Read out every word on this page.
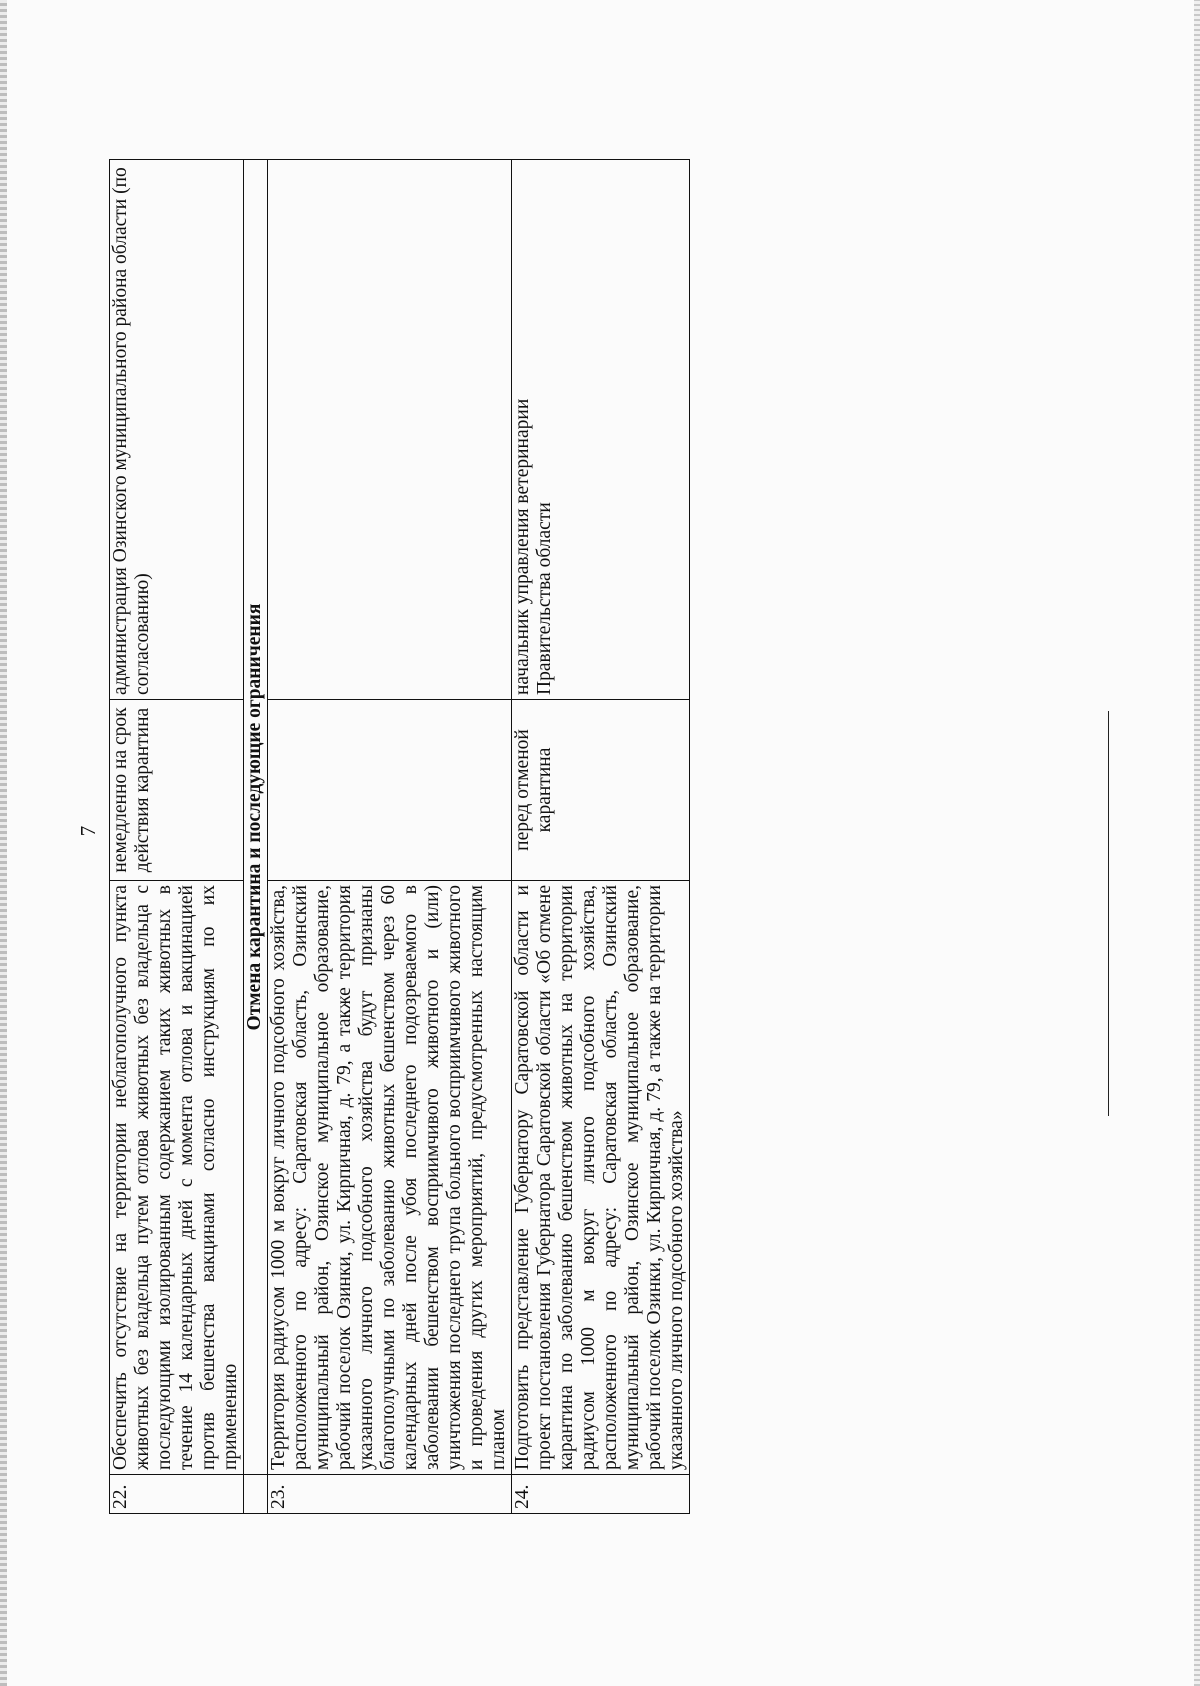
7
22.	Обеспечить отсутствие на территории неблагополучного пункта животных без владельца путем отлова животных без владельца с последующими изолированным содержанием таких животных в течение 14 календарных дней с момента отлова и вакцинацией против бешенства вакцинами согласно инструкциям по их применению	немедленно на срок действия карантина	администрация Озинского муниципального района области (по согласованию)
	Отмена карантина и последующие ограничения		
23.	Территория радиусом 1000 м вокруг личного подсобного хозяйства, расположенного по адресу: Саратовская область, Озинский муниципальный район, Озинское муниципальное образование, рабочий поселок Озинки, ул. Кирпичная, д. 79, а также территория указанного личного подсобного хозяйства будут признаны благополучными по заболеванию животных бешенством через 60 календарных дней после убоя последнего подозреваемого в заболевании бешенством восприимчивого животного и (или) уничтожения последнего трупа больного восприимчивого животного и проведения других мероприятий, предусмотренных настоящим планом		
24.	Подготовить представление Губернатору Саратовской области и проект постановления Губернатора Саратовской области «Об отмене карантина по заболеванию бешенством животных на территории радиусом 1000 м вокруг личного подсобного хозяйства, расположенного по адресу: Саратовская область, Озинский муниципальный район, Озинское муниципальное образование, рабочий поселок Озинки, ул. Кирпичная, д. 79, а также на территории указанного личного подсобного хозяйства»	перед отменой карантина	начальник управления ветеринарии Правительства области
